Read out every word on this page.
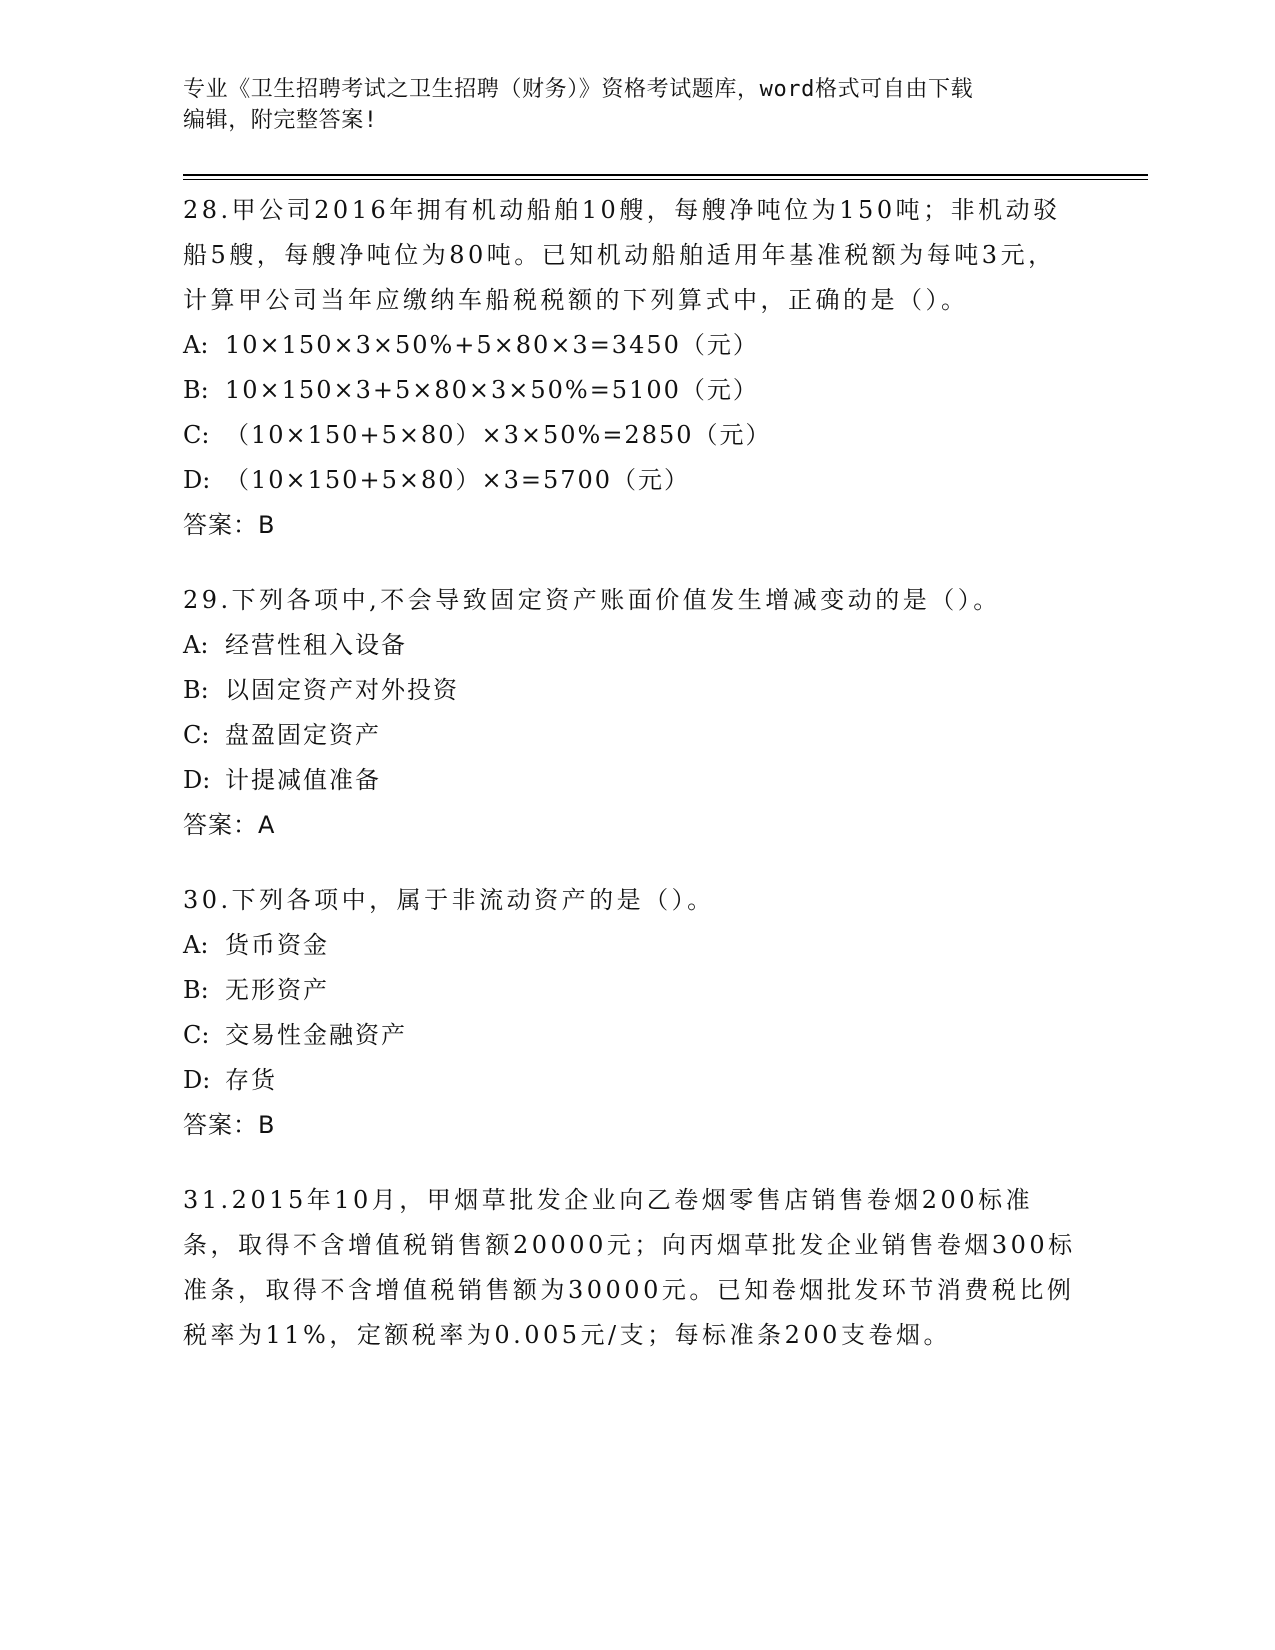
专业《卫生招聘考试之卫生招聘（财务）》资格考试题库，word格式可自由下载
编辑，附完整答案!
28.甲公司2016年拥有机动船舶10艘，每艘净吨位为150吨；非机动驳船5艘，每艘净吨位为80吨。已知机动船舶适用年基准税额为每吨3元，计算甲公司当年应缴纳车船税税额的下列算式中，正确的是（）。
A: 10×150×3×50%+5×80×3=3450（元）
B: 10×150×3+5×80×3×50%=5100（元）
C: （10×150+5×80）×3×50%=2850（元）
D: （10×150+5×80）×3=5700（元）
答案：B
29.下列各项中,不会导致固定资产账面价值发生增减变动的是（）。
A: 经营性租入设备
B: 以固定资产对外投资
C: 盘盈固定资产
D: 计提减值准备
答案：A
30.下列各项中，属于非流动资产的是（）。
A: 货币资金
B: 无形资产
C: 交易性金融资产
D: 存货
答案：B
31.2015年10月，甲烟草批发企业向乙卷烟零售店销售卷烟200标准条，取得不含增值税销售额20000元；向丙烟草批发企业销售卷烟300标准条，取得不含增值税销售额为30000元。已知卷烟批发环节消费税比例税率为11%，定额税率为0.005元/支；每标准条200支卷烟。
